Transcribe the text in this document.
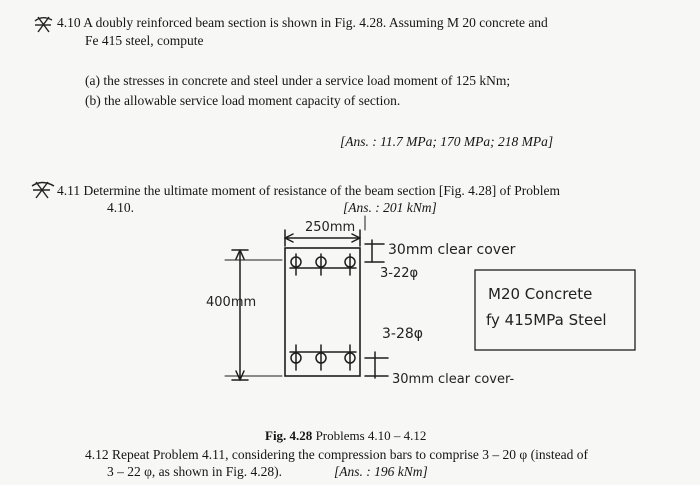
4.10 A doubly reinforced beam section is shown in Fig. 4.28. Assuming M 20 concrete and
Fe 415 steel, compute
(a) the stresses in concrete and steel under a service load moment of 125 kNm;
(b) the allowable service load moment capacity of section.
[Ans. : 11.7 MPa; 170 MPa; 218 MPa]
4.11 Determine the ultimate moment of resistance of the beam section [Fig. 4.28] of Problem
4.10.	[Ans. : 201 kNm]
250mm
400mm
30mm clear cover
3-22φ
M20 Concrete
fy 415MPa Steel
3-28φ
30mm clear cover-
Fig. 4.28 Problems 4.10 – 4.12
4.12 Repeat Problem 4.11, considering the compression bars to comprise 3 – 20 φ (instead of
3 – 22 φ, as shown in Fig. 4.28).	[Ans. : 196 kNm]
